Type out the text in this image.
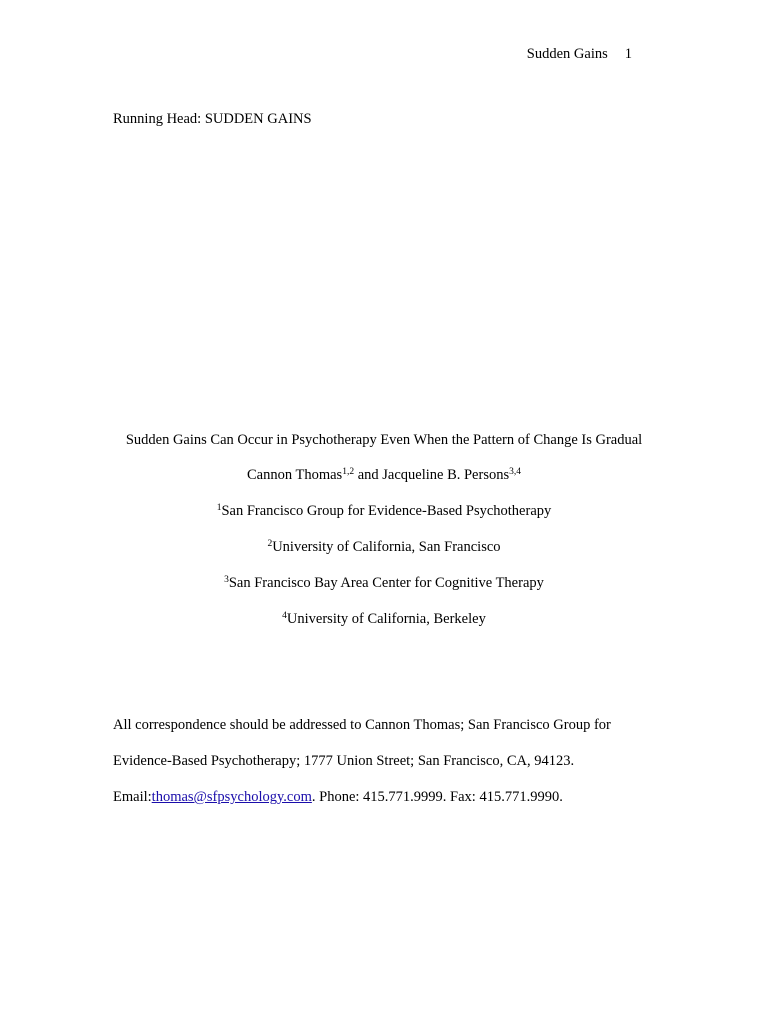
Sudden Gains 1
Running Head: SUDDEN GAINS
Sudden Gains Can Occur in Psychotherapy Even When the Pattern of Change Is Gradual
Cannon Thomas$^{1,2}$ and Jacqueline B. Persons$^{3,4}$
$^1$San Francisco Group for Evidence-Based Psychotherapy
$^2$University of California, San Francisco
$^3$San Francisco Bay Area Center for Cognitive Therapy
$^4$University of California, Berkeley
All correspondence should be addressed to Cannon Thomas; San Francisco Group for
Evidence-Based Psychotherapy; 1777 Union Street; San Francisco, CA, 94123.
Email:thomas@sfpsychology.com. Phone: 415.771.9999. Fax: 415.771.9990.
